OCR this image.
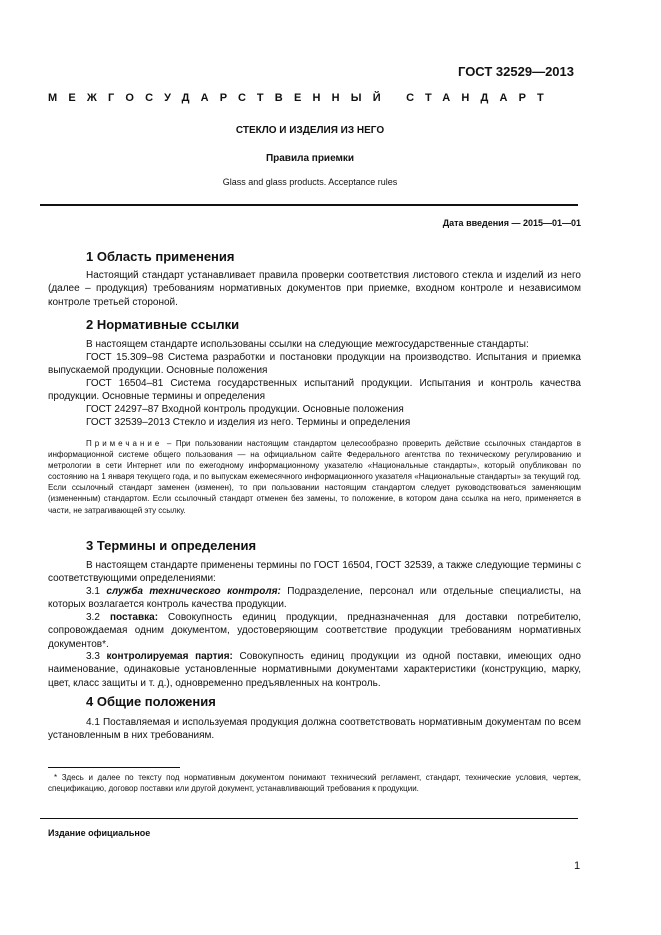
ГОСТ 32529—2013
МЕЖГОСУДАРСТВЕННЫЙ СТАНДАРТ
СТЕКЛО И ИЗДЕЛИЯ ИЗ НЕГО
Правила приемки
Glass and glass products. Acceptance rules
Дата введения — 2015—01—01
1 Область применения

Настоящий стандарт устанавливает правила проверки соответствия листового стекла и изделий из него (далее – продукция) требованиям нормативных документов при приемке, входном контроле и независимом контроле третьей стороной.

2 Нормативные ссылки

В настоящем стандарте использованы ссылки на следующие межгосударственные стандарты:

ГОСТ 15.309–98 Система разработки и постановки продукции на производство. Испытания и приемка выпускаемой продукции. Основные положения

ГОСТ 16504–81 Система государственных испытаний продукции. Испытания и контроль качества продукции. Основные термины и определения

ГОСТ 24297–87 Входной контроль продукции. Основные положения

ГОСТ 32539–2013 Стекло и изделия из него. Термины и определения

Примечание – При пользовании настоящим стандартом целесообразно проверить действие ссылочных стандартов в информационной системе общего пользования — на официальном сайте Федерального агентства по техническому регулированию и метрологии в сети Интернет или по ежегодному информационному указателю «Национальные стандарты», который опубликован по состоянию на 1 января текущего года, и по выпускам ежемесячного информационного указателя «Национальные стандарты» за текущий год. Если ссылочный стандарт заменен (изменен), то при пользовании настоящим стандартом следует руководствоваться заменяющим (измененным) стандартом. Если ссылочный стандарт отменен без замены, то положение, в котором дана ссылка на него, применяется в части, не затрагивающей эту ссылку.

3 Термины и определения

В настоящем стандарте применены термины по ГОСТ 16504, ГОСТ 32539, а также следующие термины с соответствующими определениями:

3.1 служба технического контроля: Подразделение, персонал или отдельные специалисты, на которых возлагается контроль качества продукции.

3.2 поставка: Совокупность единиц продукции, предназначенная для доставки потребителю, сопровождаемая одним документом, удостоверяющим соответствие продукции требованиям нормативных документов*.

3.3 контролируемая партия: Совокупность единиц продукции из одной поставки, имеющих одно наименование, одинаковые установленные нормативными документами характеристики (конструкцию, марку, цвет, класс защиты и т. д.), одновременно предъявленных на контроль.

4 Общие положения

4.1 Поставляемая и используемая продукция должна соответствовать нормативным документам по всем установленным в них требованиям.

* Здесь и далее по тексту под нормативным документом понимают технический регламент, стандарт, технические условия, чертеж, спецификацию, договор поставки или другой документ, устанавливающий требования к продукции.

Издание официальное
1
